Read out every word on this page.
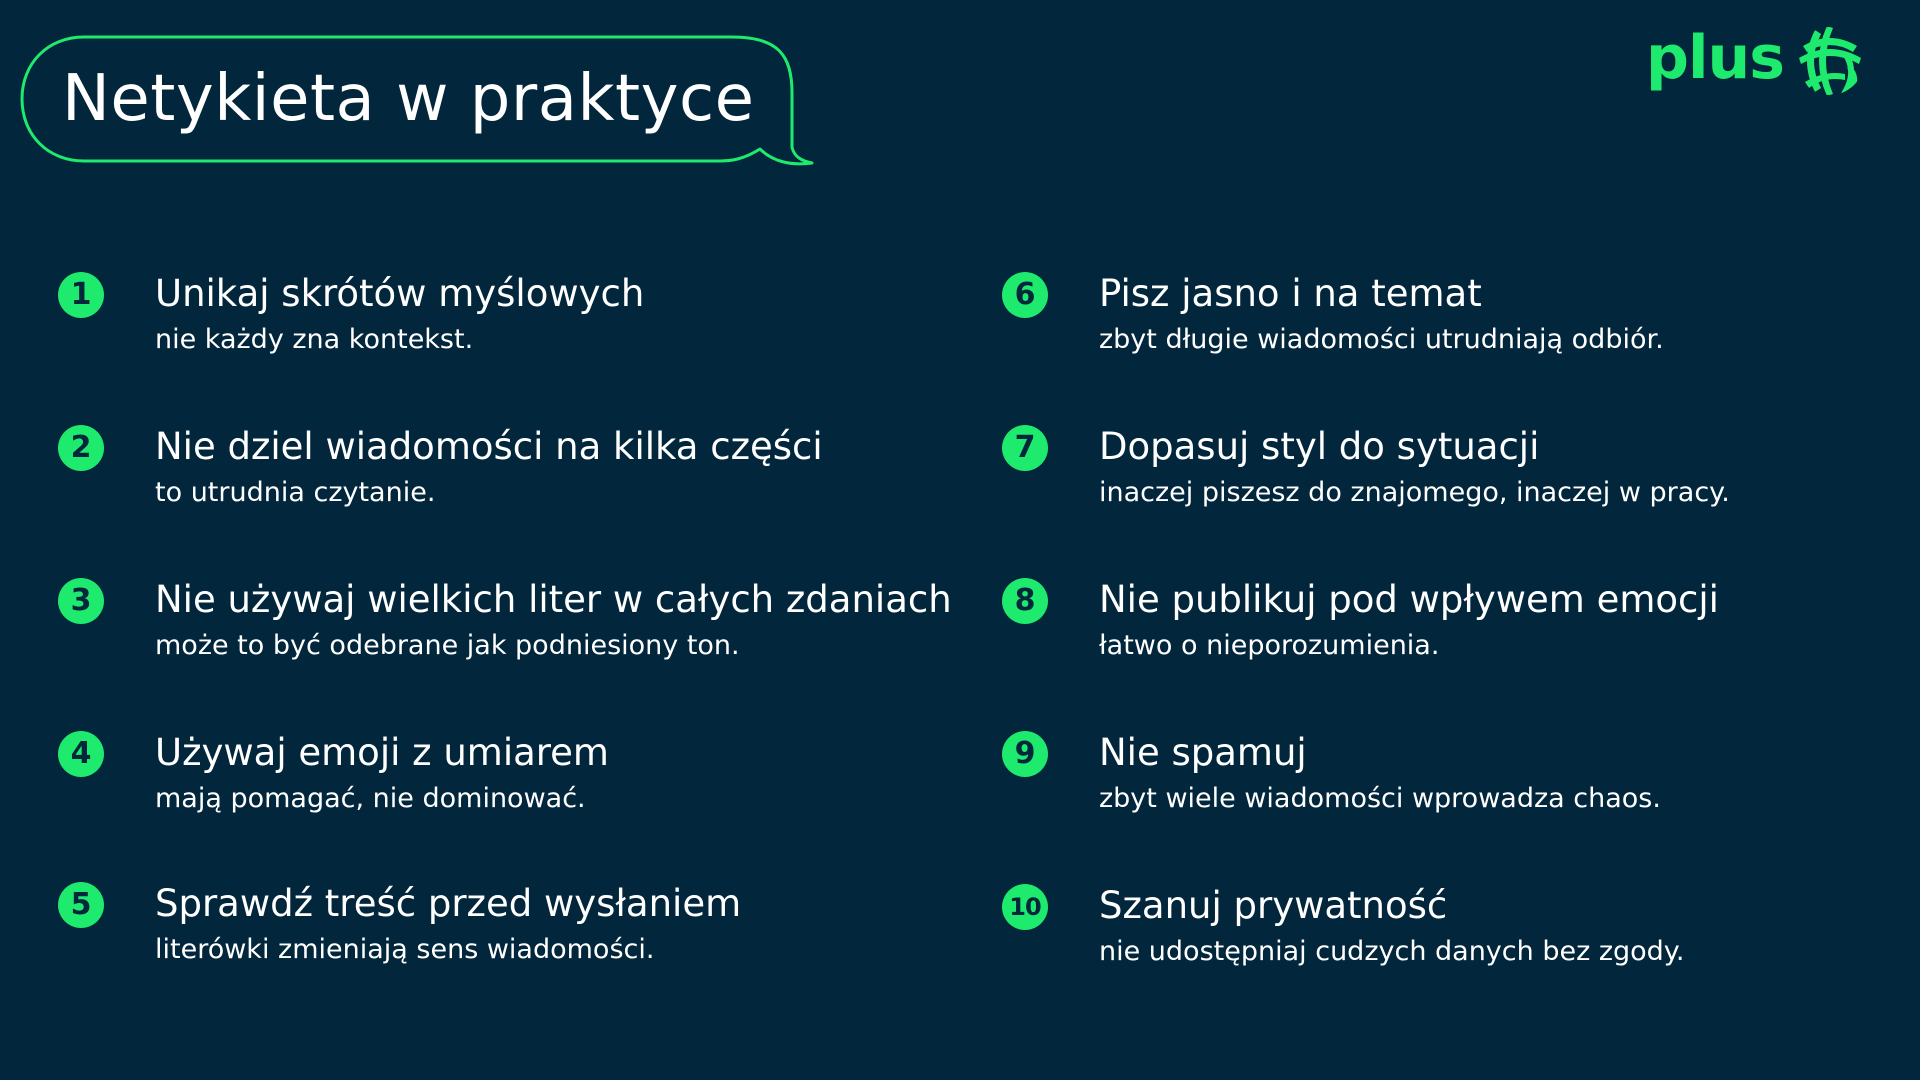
Netykieta w praktyce
plus
1	Unikaj skrótów myślowych
nie każdy zna kontekst.
2	Nie dziel wiadomości na kilka części
to utrudnia czytanie.
3	Nie używaj wielkich liter w całych zdaniach
może to być odebrane jak podniesiony ton.
4	Używaj emoji z umiarem
mają pomagać, nie dominować.
5	Sprawdź treść przed wysłaniem
literówki zmieniają sens wiadomości.
6	Pisz jasno i na temat
zbyt długie wiadomości utrudniają odbiór.
7	Dopasuj styl do sytuacji
inaczej piszesz do znajomego, inaczej w pracy.
8	Nie publikuj pod wpływem emocji
łatwo o nieporozumienia.
9	Nie spamuj
zbyt wiele wiadomości wprowadza chaos.
10 Szanuj prywatność
nie udostępniaj cudzych danych bez zgody.
